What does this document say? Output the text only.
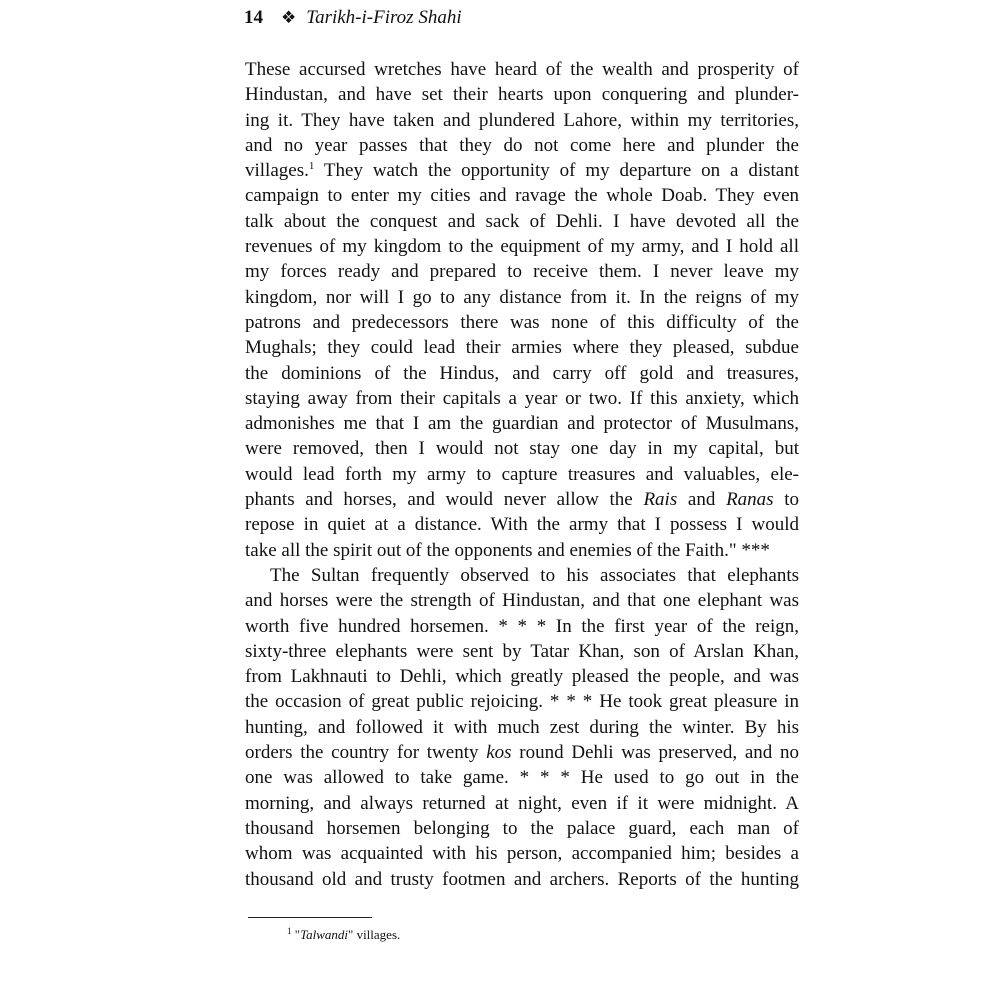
14 ❖ Tarikh-i-Firoz Shahi
These accursed wretches have heard of the wealth and prosperity of
Hindustan, and have set their hearts upon conquering and plunder-
ing it. They have taken and plundered Lahore, within my territories,
and no year passes that they do not come here and plunder the
villages.$^1$ They watch the opportunity of my departure on a distant
campaign to enter my cities and ravage the whole Doab. They even
talk about the conquest and sack of Dehli. I have devoted all the
revenues of my kingdom to the equipment of my army, and I hold all
my forces ready and prepared to receive them. I never leave my
kingdom, nor will I go to any distance from it. In the reigns of my
patrons and predecessors there was none of this difficulty of the
Mughals; they could lead their armies where they pleased, subdue
the dominions of the Hindus, and carry off gold and treasures,
staying away from their capitals a year or two. If this anxiety, which
admonishes me that I am the guardian and protector of Musulmans,
were removed, then I would not stay one day in my capital, but
would lead forth my army to capture treasures and valuables, ele-
phants and horses, and would never allow the Rais and Ranas to
repose in quiet at a distance. With the army that I possess I would
take all the spirit out of the opponents and enemies of the Faith." ***
The Sultan frequently observed to his associates that elephants
and horses were the strength of Hindustan, and that one elephant was
worth five hundred horsemen. * * * In the first year of the reign,
sixty-three elephants were sent by Tatar Khan, son of Arslan Khan,
from Lakhnauti to Dehli, which greatly pleased the people, and was
the occasion of great public rejoicing. * * * He took great pleasure in
hunting, and followed it with much zest during the winter. By his
orders the country for twenty kos round Dehli was preserved, and no
one was allowed to take game. * * * He used to go out in the
morning, and always returned at night, even if it were midnight. A
thousand horsemen belonging to the palace guard, each man of
whom was acquainted with his person, accompanied him; besides a
thousand old and trusty footmen and archers. Reports of the hunting
$^1$ "Talwandi" villages.
